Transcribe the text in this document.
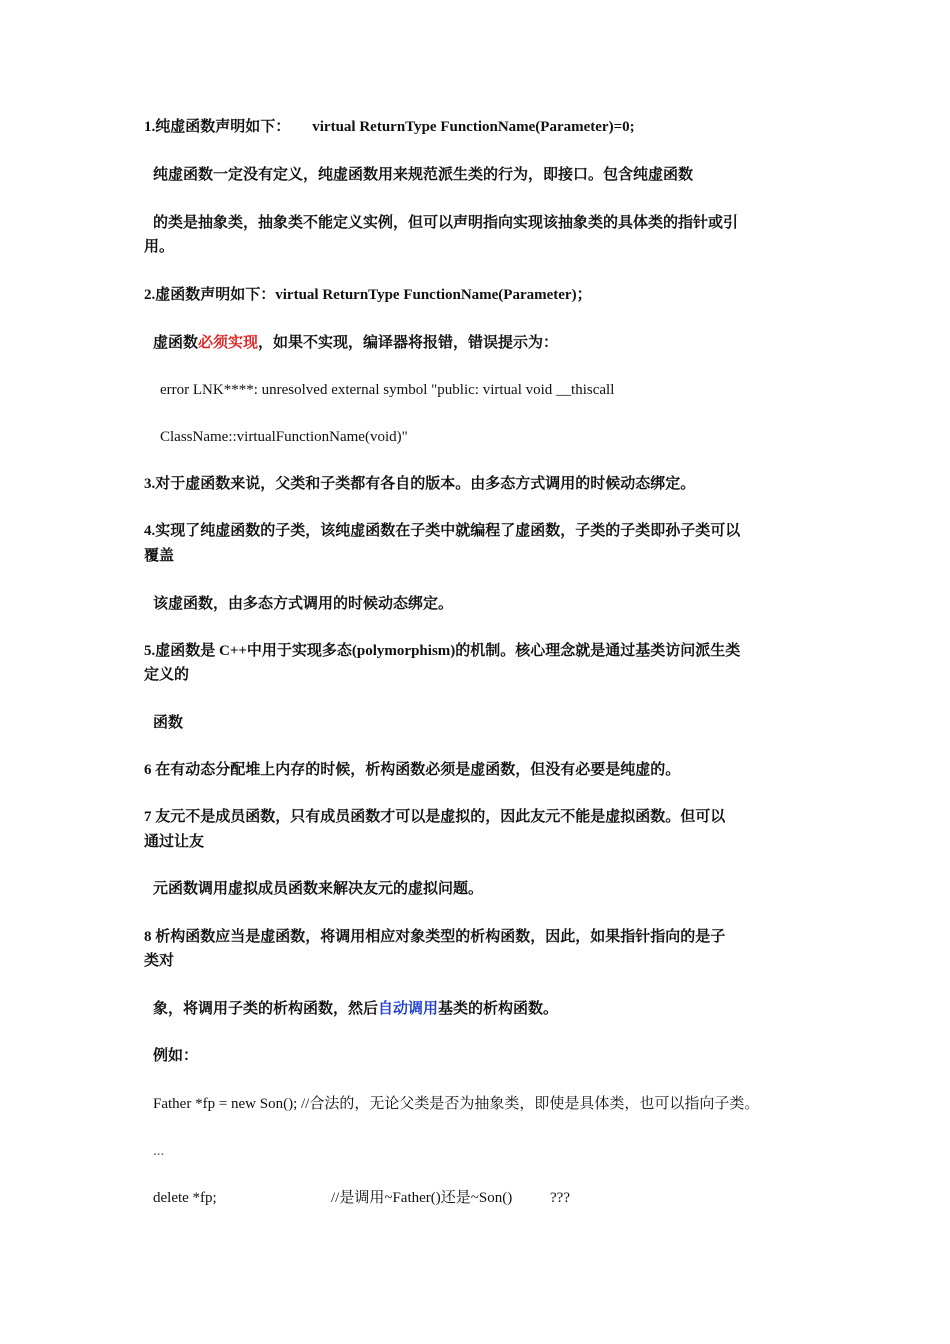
1.纯虚函数声明如下： virtual ReturnType FunctionName(Parameter)=0;
纯虚函数一定没有定义，纯虚函数用来规范派生类的行为，即接口。包含纯虚函数
的类是抽象类，抽象类不能定义实例，但可以声明指向实现该抽象类的具体类的指针或引
用。
2.虚函数声明如下：virtual ReturnType FunctionName(Parameter)；
虚函数必须实现，如果不实现，编译器将报错，错误提示为：
error LNK****: unresolved external symbol "public: virtual void __thiscall
ClassName::virtualFunctionName(void)"
3.对于虚函数来说，父类和子类都有各自的版本。由多态方式调用的时候动态绑定。
4.实现了纯虚函数的子类，该纯虚函数在子类中就编程了虚函数，子类的子类即孙子类可以
覆盖
该虚函数，由多态方式调用的时候动态绑定。
5.虚函数是 C++中用于实现多态(polymorphism)的机制。核心理念就是通过基类访问派生类
定义的
函数
6 在有动态分配堆上内存的时候，析构函数必须是虚函数，但没有必要是纯虚的。
7 友元不是成员函数，只有成员函数才可以是虚拟的，因此友元不能是虚拟函数。但可以
通过让友
元函数调用虚拟成员函数来解决友元的虚拟问题。
8 析构函数应当是虚函数，将调用相应对象类型的析构函数，因此，如果指针指向的是子
类对
象，将调用子类的析构函数，然后自动调用基类的析构函数。
例如：
Father *fp = new Son(); //合法的，无论父类是否为抽象类，即使是具体类，也可以指向子类。
...
delete *fp;	//是调用~Father()还是~Son()	???
